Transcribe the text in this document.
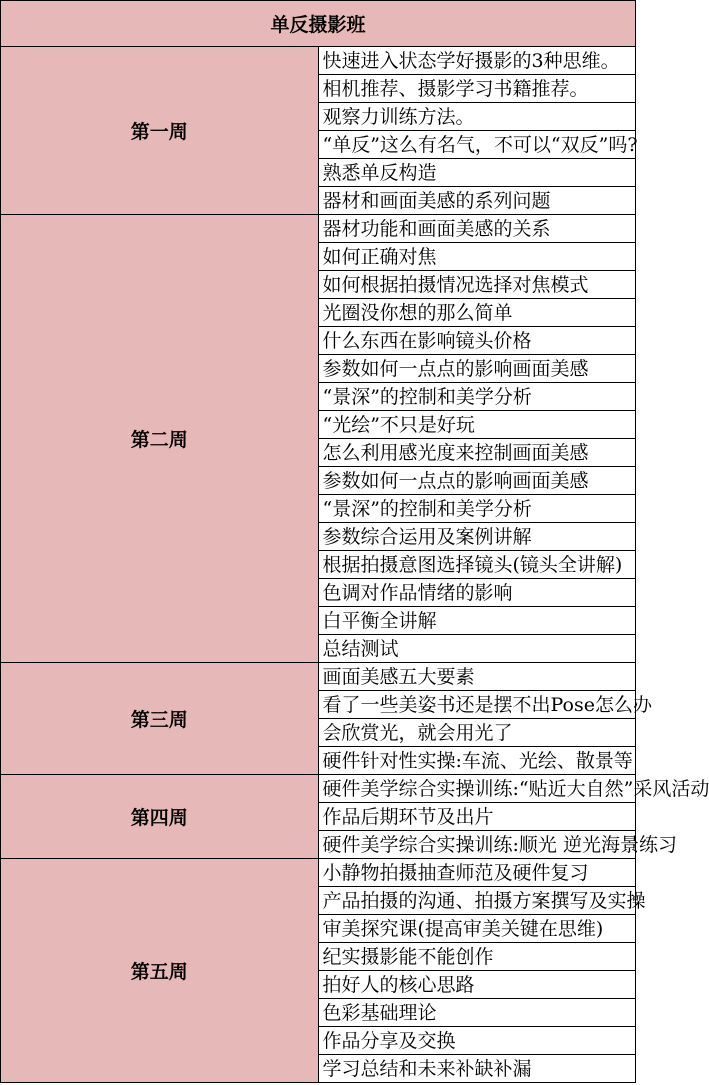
单反摄影班	
第一周	快速进入状态学好摄影的3种思维。
	相机推荐、摄影学习书籍推荐。
	观察力训练方法。
	“单反”这么有名气，不可以“双反”吗?
	熟悉单反构造
	器材和画面美感的系列问题
第二周	器材功能和画面美感的关系
	如何正确对焦
	如何根据拍摄情况选择对焦模式
	光圈没你想的那么简单
	什么东西在影响镜头价格
	参数如何一点点的影响画面美感
	“景深”的控制和美学分析
	“光绘”不只是好玩
	怎么利用感光度来控制画面美感
	参数如何一点点的影响画面美感
	“景深”的控制和美学分析
	参数综合运用及案例讲解
	根据拍摄意图选择镜头(镜头全讲解)
	色调对作品情绪的影响
	白平衡全讲解
	总结测试
第三周	画面美感五大要素
	看了一些美姿书还是摆不出Pose怎么办
	会欣赏光，就会用光了
	硬件针对性实操:车流、光绘、散景等
第四周	硬件美学综合实操训练:“贴近大自然”采风活动
	作品后期环节及出片
	硬件美学综合实操训练:顺光 逆光海景练习
第五周	小静物拍摄抽查师范及硬件复习
	产品拍摄的沟通、拍摄方案撰写及实操
	审美探究课(提高审美关键在思维)
	纪实摄影能不能创作
	拍好人的核心思路
	色彩基础理论
	作品分享及交换
	学习总结和未来补缺补漏
